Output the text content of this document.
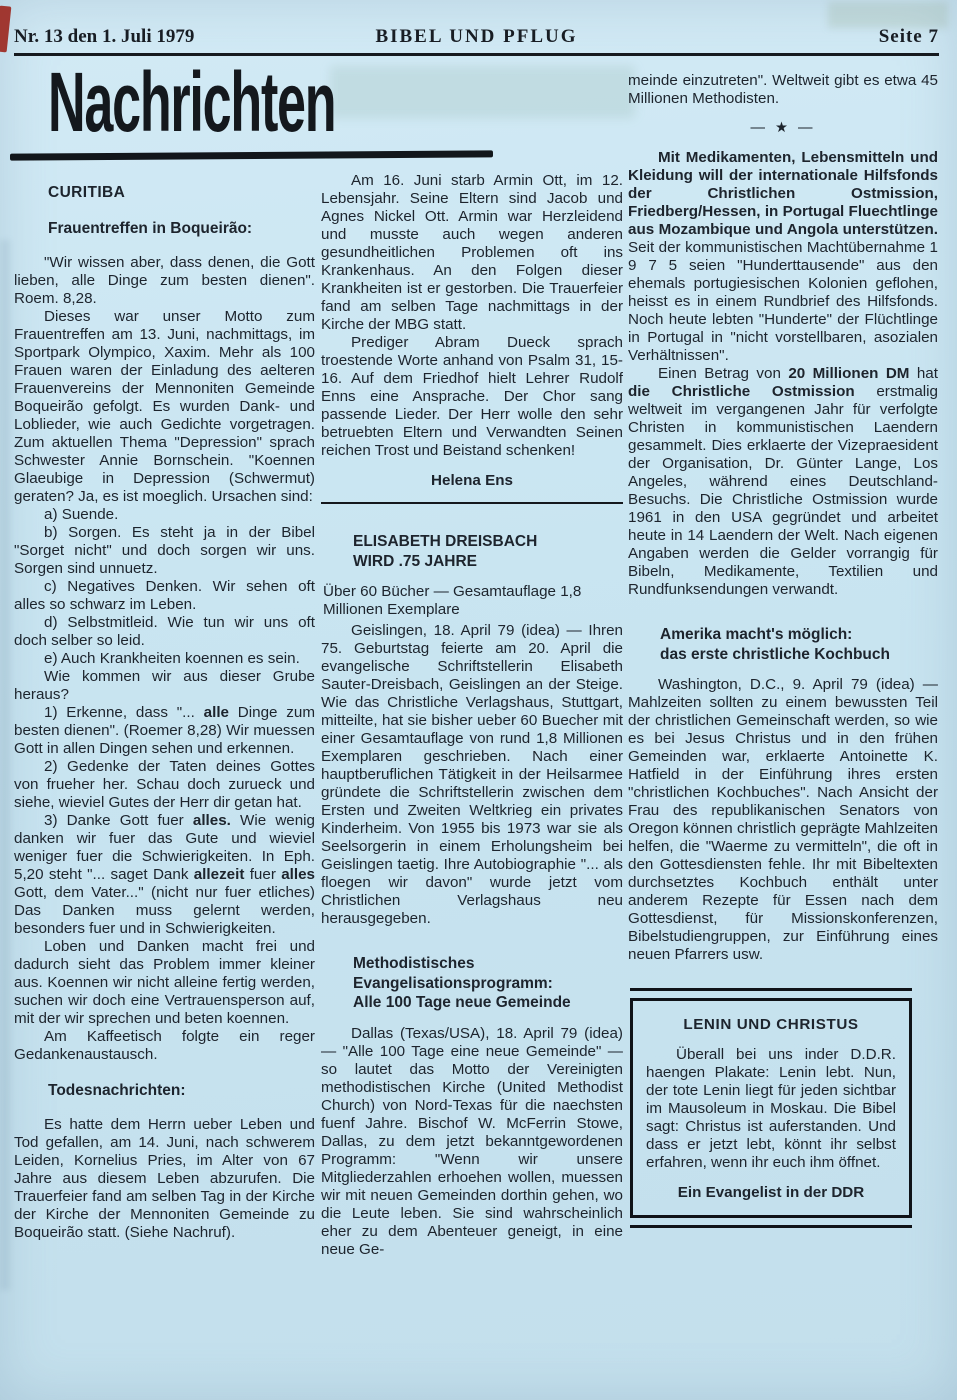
Nr. 13 den 1. Juli 1979	BIBEL UND PFLUG	Seite 7
Nachrichten
CURITIBA
Frauentreffen in Boqueirão:

"Wir wissen aber, dass denen, die Gott lieben, alle Dinge zum besten dienen". Roem. 8,28.

Dieses war unser Motto zum Frauentreffen am 13. Juni, nachmittags, im Sportpark Olympico, Xaxim. Mehr als 100 Frauen waren der Einladung des aelteren Frauenvereins der Mennoniten Gemeinde Boqueirão gefolgt. Es wurden Dank- und Loblieder, wie auch Gedichte vorgetragen. Zum aktuellen Thema "Depression" sprach Schwester Annie Bornschein. "Koennen Glaeubige in Depression (Schwermut) geraten? Ja, es ist moeglich. Ursachen sind:

a) Suende.

b) Sorgen. Es steht ja in der Bibel "Sorget nicht" und doch sorgen wir uns. Sorgen sind unnuetz.

c) Negatives Denken. Wir sehen oft alles so schwarz im Leben.

d) Selbstmitleid. Wie tun wir uns oft doch selber so leid.

e) Auch Krankheiten koennen es sein.

Wie kommen wir aus dieser Grube heraus?

1) Erkenne, dass "... alle Dinge zum besten dienen". (Roemer 8,28) Wir muessen Gott in allen Dingen sehen und erkennen.

2) Gedenke der Taten deines Gottes von frueher her. Schau doch zurueck und siehe, wieviel Gutes der Herr dir getan hat.

3) Danke Gott fuer alles. Wie wenig danken wir fuer das Gute und wieviel weniger fuer die Schwierigkeiten. In Eph. 5,20 steht "... saget Dank allezeit fuer alles Gott, dem Vater..." (nicht nur fuer etliches) Das Danken muss gelernt werden, besonders fuer und in Schwierigkeiten.

Loben und Danken macht frei und dadurch sieht das Problem immer kleiner aus. Koennen wir nicht alleine fertig werden, suchen wir doch eine Vertrauensperson auf, mit der wir sprechen und beten koennen.

Am Kaffeetisch folgte ein reger Gedankenaustausch.

Todesnachrichten:

Es hatte dem Herrn ueber Leben und Tod gefallen, am 14. Juni, nach schwerem Leiden, Kornelius Pries, im Alter von 67 Jahre aus diesem Leben abzurufen. Die Trauerfeier fand am selben Tag in der Kirche der Kirche der Mennoniten Gemeinde zu Boqueirão statt. (Siehe Nachruf).

Am 16. Juni starb Armin Ott, im 12. Lebensjahr. Seine Eltern sind Jacob und Agnes Nickel Ott. Armin war Herzleidend und musste auch wegen anderen gesundheitlichen Problemen oft ins Krankenhaus. An den Folgen dieser Krankheiten ist er gestorben. Die Trauerfeier fand am selben Tage nachmittags in der Kirche der MBG statt.

Prediger Abram Dueck sprach troestende Worte anhand von Psalm 31, 15-16. Auf dem Friedhof hielt Lehrer Rudolf Enns eine Ansprache. Der Chor sang passende Lieder. Der Herr wolle den sehr betruebten Eltern und Verwandten Seinen reichen Trost und Beistand schenken!

Helena Ens
ELISABETH DREISBACH
WIRD .75 JAHRE

Über 60 Bücher — Gesamtauflage 1,8 Millionen Exemplare

Geislingen, 18. April 79 (idea) — Ihren 75. Geburtstag feierte am 20. April die evangelische Schriftstellerin Elisabeth Sauter-Dreisbach, Geislingen an der Steige. Wie das Christliche Verlagshaus, Stuttgart, mitteilte, hat sie bisher ueber 60 Buecher mit einer Gesamtauflage von rund 1,8 Millionen Exemplaren geschrieben. Nach einer hauptberuflichen Tätigkeit in der Heilsarmee gründete die Schriftstellerin zwischen dem Ersten und Zweiten Weltkrieg ein privates Kinderheim. Von 1955 bis 1973 war sie als Seelsorgerin in einem Erholungsheim bei Geislingen taetig. Ihre Autobiographie "... als floegen wir davon" wurde jetzt vom Christlichen Verlagshaus neu herausgegeben.

Methodistisches
Evangelisationsprogramm:
Alle 100 Tage neue Gemeinde

Dallas (Texas/USA), 18. April 79 (idea) — "Alle 100 Tage eine neue Gemeinde" — so lautet das Motto der Vereinigten methodistischen Kirche (United Methodist Church) von Nord-Texas für die naechsten fuenf Jahre. Bischof W. McFerrin Stowe, Dallas, zu dem jetzt bekanntgewordenen Programm: "Wenn wir unsere Mitgliederzahlen erhoehen wollen, muessen wir mit neuen Gemeinden dorthin gehen, wo die Leute leben. Sie sind wahrscheinlich eher zu dem Abenteuer geneigt, in eine neue Ge-

meinde einzutreten". Weltweit gibt es etwa 45 Millionen Methodisten.

— ★ —

Mit Medikamenten, Lebensmitteln und Kleidung will der internationale Hilfsfonds der Christlichen Ostmission, Friedberg/Hessen, in Portugal Fluechtlinge aus Mozambique und Angola unterstützen. Seit der kommunistischen Machtübernahme 1 9 7 5 seien "Hunderttausende" aus den ehemals portugiesischen Kolonien geflohen, heisst es in einem Rundbrief des Hilfsfonds. Noch heute lebten "Hunderte" der Flüchtlinge in Portugal in "nicht vorstellbaren, asozialen Verhältnissen".

Einen Betrag von 20 Millionen DM hat die Christliche Ostmission erstmalig weltweit im vergangenen Jahr für verfolgte Christen in kommunistischen Laendern gesammelt. Dies erklaerte der Vizepraesident der Organisation, Dr. Günter Lange, Los Angeles, während eines Deutschland-Besuchs. Die Christliche Ostmission wurde 1961 in den USA gegründet und arbeitet heute in 14 Laendern der Welt. Nach eigenen Angaben werden die Gelder vorrangig für Bibeln, Medikamente, Textilien und Rundfunksendungen verwandt.

Amerika macht's möglich:
das erste christliche Kochbuch

Washington, D.C., 9. April 79 (idea) — Mahlzeiten sollten zu einem bewussten Teil der christlichen Gemeinschaft werden, so wie es bei Jesus Christus und in den frühen Gemeinden war, erklaerte Antoinette K. Hatfield in der Einführung ihres ersten "christlichen Kochbuches". Nach Ansicht der Frau des republikanischen Senators von Oregon können christlich geprägte Mahlzeiten helfen, die "Waerme zu vermitteln", die oft in den Gottesdiensten fehle. Ihr mit Bibeltexten durchsetztes Kochbuch enthält unter anderem Rezepte für Essen nach dem Gottesdienst, für Missionskonferenzen, Bibelstudiengruppen, zur Einführung eines neuen Pfarrers usw.

LENIN UND CHRISTUS

Überall bei uns inder D.D.R. haengen Plakate: Lenin lebt. Nun, der tote Lenin liegt für jeden sichtbar im Mausoleum in Moskau. Die Bibel sagt: Christus ist auferstanden. Und dass er jetzt lebt, könnt ihr selbst erfahren, wenn ihr euch ihm öffnet.

Ein Evangelist in der DDR
